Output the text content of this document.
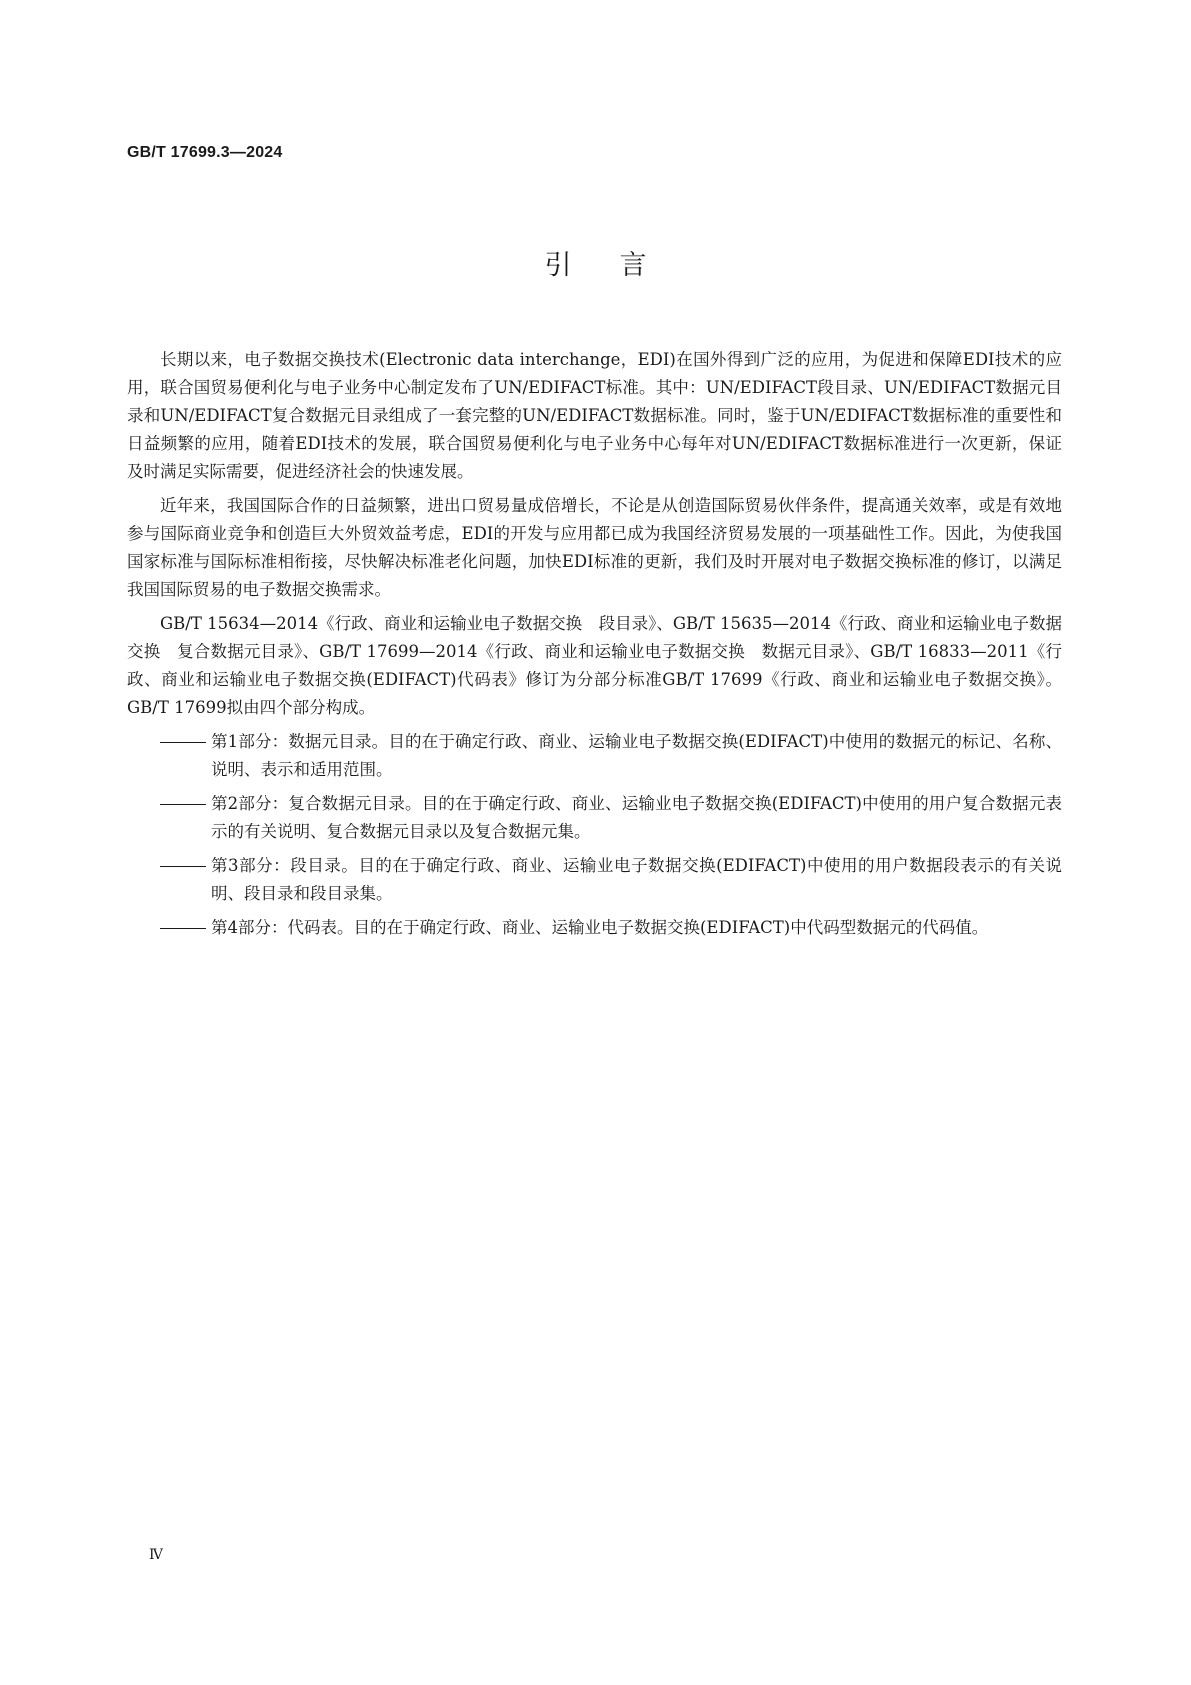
GB/T 17699.3—2024
引言

长期以来，电子数据交换技术(Electronic data interchange，EDI)在国外得到广泛的应用，为促进和保障EDI技术的应用，联合国贸易便利化与电子业务中心制定发布了UN/EDIFACT标准。其中：UN/EDIFACT段目录、UN/EDIFACT数据元目录和UN/EDIFACT复合数据元目录组成了一套完整的UN/EDIFACT数据标准。同时，鉴于UN/EDIFACT数据标准的重要性和日益频繁的应用，随着EDI技术的发展，联合国贸易便利化与电子业务中心每年对UN/EDIFACT数据标准进行一次更新，保证及时满足实际需要，促进经济社会的快速发展。

近年来，我国国际合作的日益频繁，进出口贸易量成倍增长，不论是从创造国际贸易伙伴条件，提高通关效率，或是有效地参与国际商业竞争和创造巨大外贸效益考虑，EDI的开发与应用都已成为我国经济贸易发展的一项基础性工作。因此，为使我国国家标准与国际标准相衔接，尽快解决标准老化问题，加快EDI标准的更新，我们及时开展对电子数据交换标准的修订，以满足我国国际贸易的电子数据交换需求。

GB/T 15634—2014《行政、商业和运输业电子数据交换　段目录》、GB/T 15635—2014《行政、商业和运输业电子数据交换　复合数据元目录》、GB/T 17699—2014《行政、商业和运输业电子数据交换　数据元目录》、GB/T 16833—2011《行政、商业和运输业电子数据交换(EDIFACT)代码表》修订为分部分标准GB/T 17699《行政、商业和运输业电子数据交换》。GB/T 17699拟由四个部分构成。

第1部分：数据元目录。目的在于确定行政、商业、运输业电子数据交换(EDIFACT)中使用的数据元的标记、名称、说明、表示和适用范围。
第2部分：复合数据元目录。目的在于确定行政、商业、运输业电子数据交换(EDIFACT)中使用的用户复合数据元表示的有关说明、复合数据元目录以及复合数据元集。
第3部分：段目录。目的在于确定行政、商业、运输业电子数据交换(EDIFACT)中使用的用户数据段表示的有关说明、段目录和段目录集。
第4部分：代码表。目的在于确定行政、商业、运输业电子数据交换(EDIFACT)中代码型数据元的代码值。
Ⅳ
